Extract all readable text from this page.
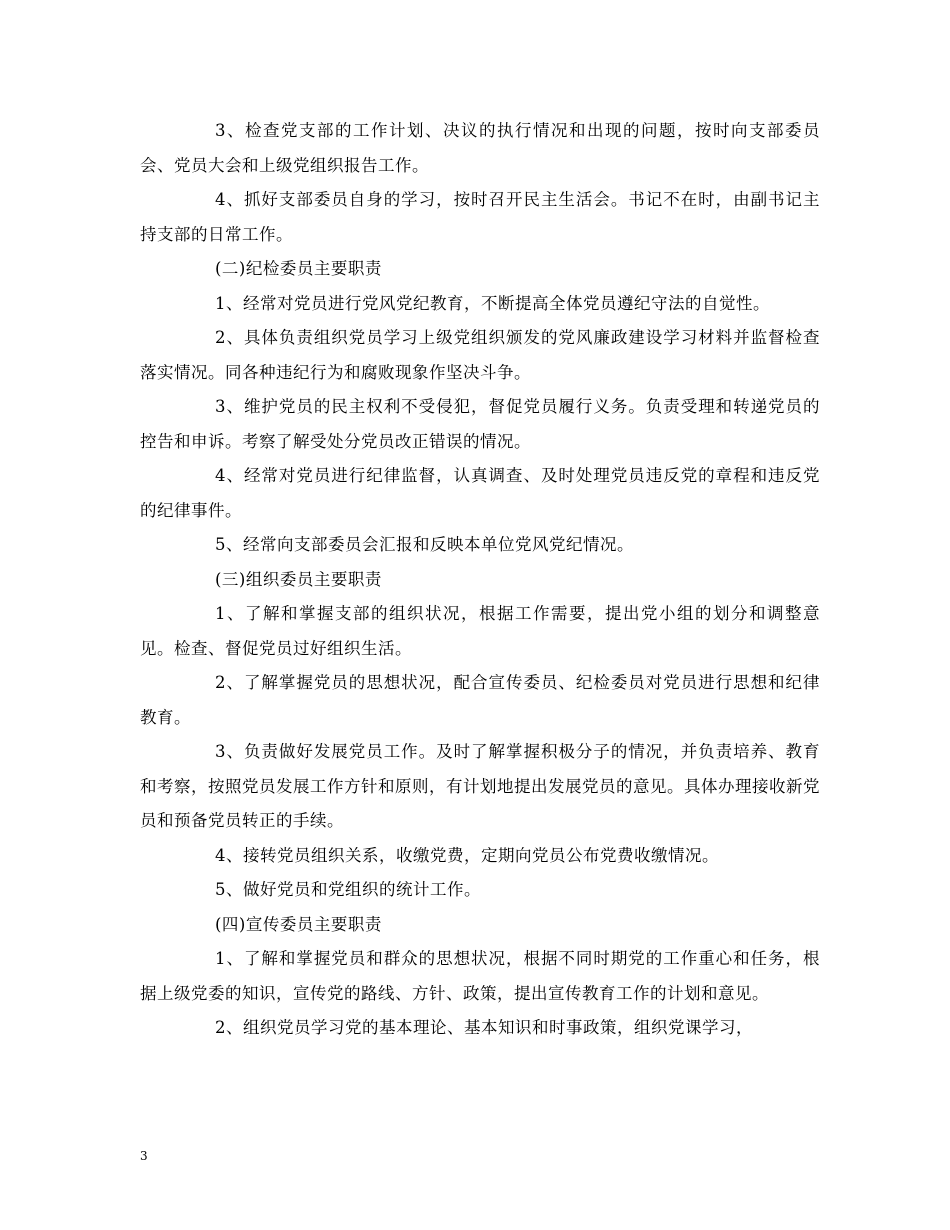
3、检查党支部的工作计划、决议的执行情况和出现的问题，按时向支部委员会、党员大会和上级党组织报告工作。

4、抓好支部委员自身的学习，按时召开民主生活会。书记不在时，由副书记主持支部的日常工作。

(二)纪检委员主要职责

1、经常对党员进行党风党纪教育，不断提高全体党员遵纪守法的自觉性。

2、具体负责组织党员学习上级党组织颁发的党风廉政建设学习材料并监督检查落实情况。同各种违纪行为和腐败现象作坚决斗争。

3、维护党员的民主权利不受侵犯，督促党员履行义务。负责受理和转递党员的控告和申诉。考察了解受处分党员改正错误的情况。

4、经常对党员进行纪律监督，认真调查、及时处理党员违反党的章程和违反党的纪律事件。

5、经常向支部委员会汇报和反映本单位党风党纪情况。

(三)组织委员主要职责

1、了解和掌握支部的组织状况，根据工作需要，提出党小组的划分和调整意见。检查、督促党员过好组织生活。

2、了解掌握党员的思想状况，配合宣传委员、纪检委员对党员进行思想和纪律教育。

3、负责做好发展党员工作。及时了解掌握积极分子的情况，并负责培养、教育和考察，按照党员发展工作方针和原则，有计划地提出发展党员的意见。具体办理接收新党员和预备党员转正的手续。

4、接转党员组织关系，收缴党费，定期向党员公布党费收缴情况。

5、做好党员和党组织的统计工作。

(四)宣传委员主要职责

1、了解和掌握党员和群众的思想状况，根据不同时期党的工作重心和任务，根据上级党委的知识，宣传党的路线、方针、政策，提出宣传教育工作的计划和意见。

2、组织党员学习党的基本理论、基本知识和时事政策，组织党课学习，

3
